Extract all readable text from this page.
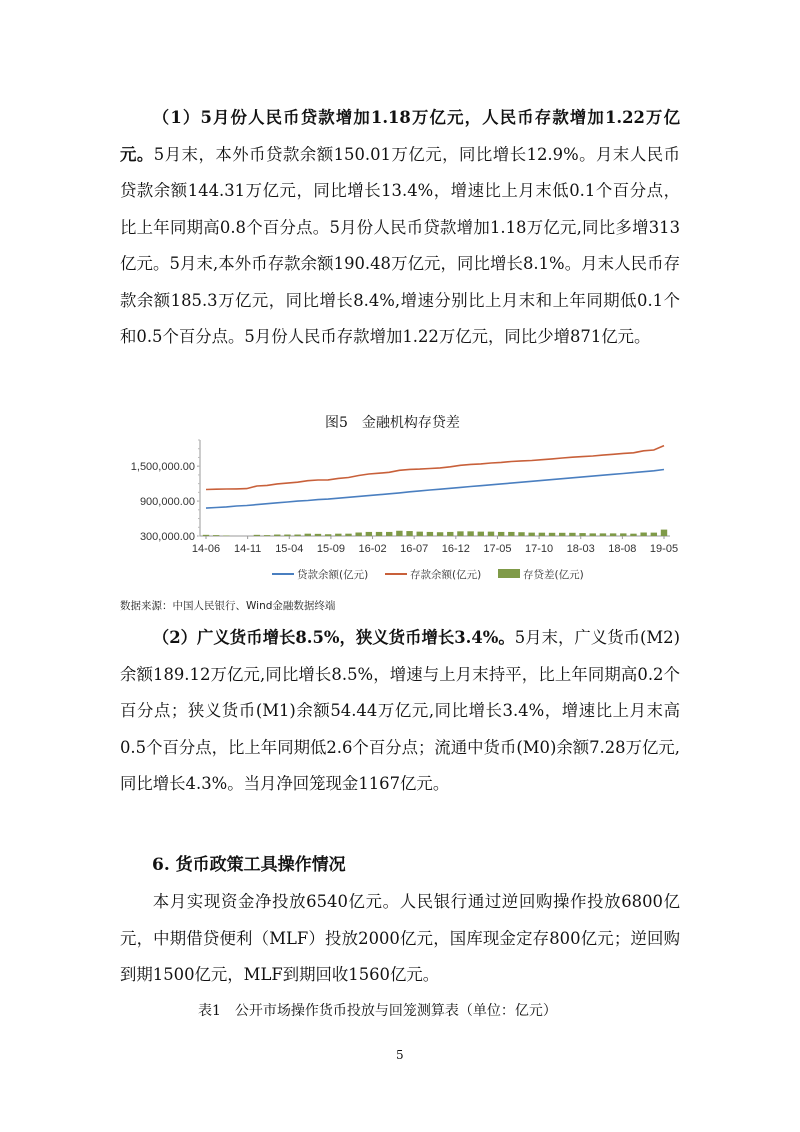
（1）5月份人民币贷款增加1.18万亿元，人民币存款增加1.22万亿元。5月末，本外币贷款余额150.01万亿元，同比增长12.9%。月末人民币贷款余额144.31万亿元，同比增长13.4%，增速比上月末低0.1个百分点，比上年同期高0.8个百分点。5月份人民币贷款增加1.18万亿元,同比多增313亿元。5月末,本外币存款余额190.48万亿元，同比增长8.1%。月末人民币存款余额185.3万亿元，同比增长8.4%,增速分别比上月末和上年同期低0.1个和0.5个百分点。5月份人民币存款增加1.22万亿元，同比少增871亿元。

图5　金融机构存贷差
1,500,000.00
900,000.00
300,000.00
14-06 14-11 15-04 15-09 16-02 16-07 16-12 17-05 17-10 18-03 18-08 19-05
贷款余额(亿元)	存款余额(亿元)	存贷差(亿元)
数据来源：中国人民银行、Wind金融数据终端

（2）广义货币增长8.5%，狭义货币增长3.4%。5月末，广义货币(M2)余额189.12万亿元,同比增长8.5%，增速与上月末持平，比上年同期高0.2个百分点；狭义货币(M1)余额54.44万亿元,同比增长3.4%，增速比上月末高0.5个百分点，比上年同期低2.6个百分点；流通中货币(M0)余额7.28万亿元,同比增长4.3%。当月净回笼现金1167亿元。

6. 货币政策工具操作情况

本月实现资金净投放6540亿元。人民银行通过逆回购操作投放6800亿元，中期借贷便利（MLF）投放2000亿元，国库现金定存800亿元；逆回购到期1500亿元，MLF到期回收1560亿元。

表1　公开市场操作货币投放与回笼测算表（单位：亿元）
5
